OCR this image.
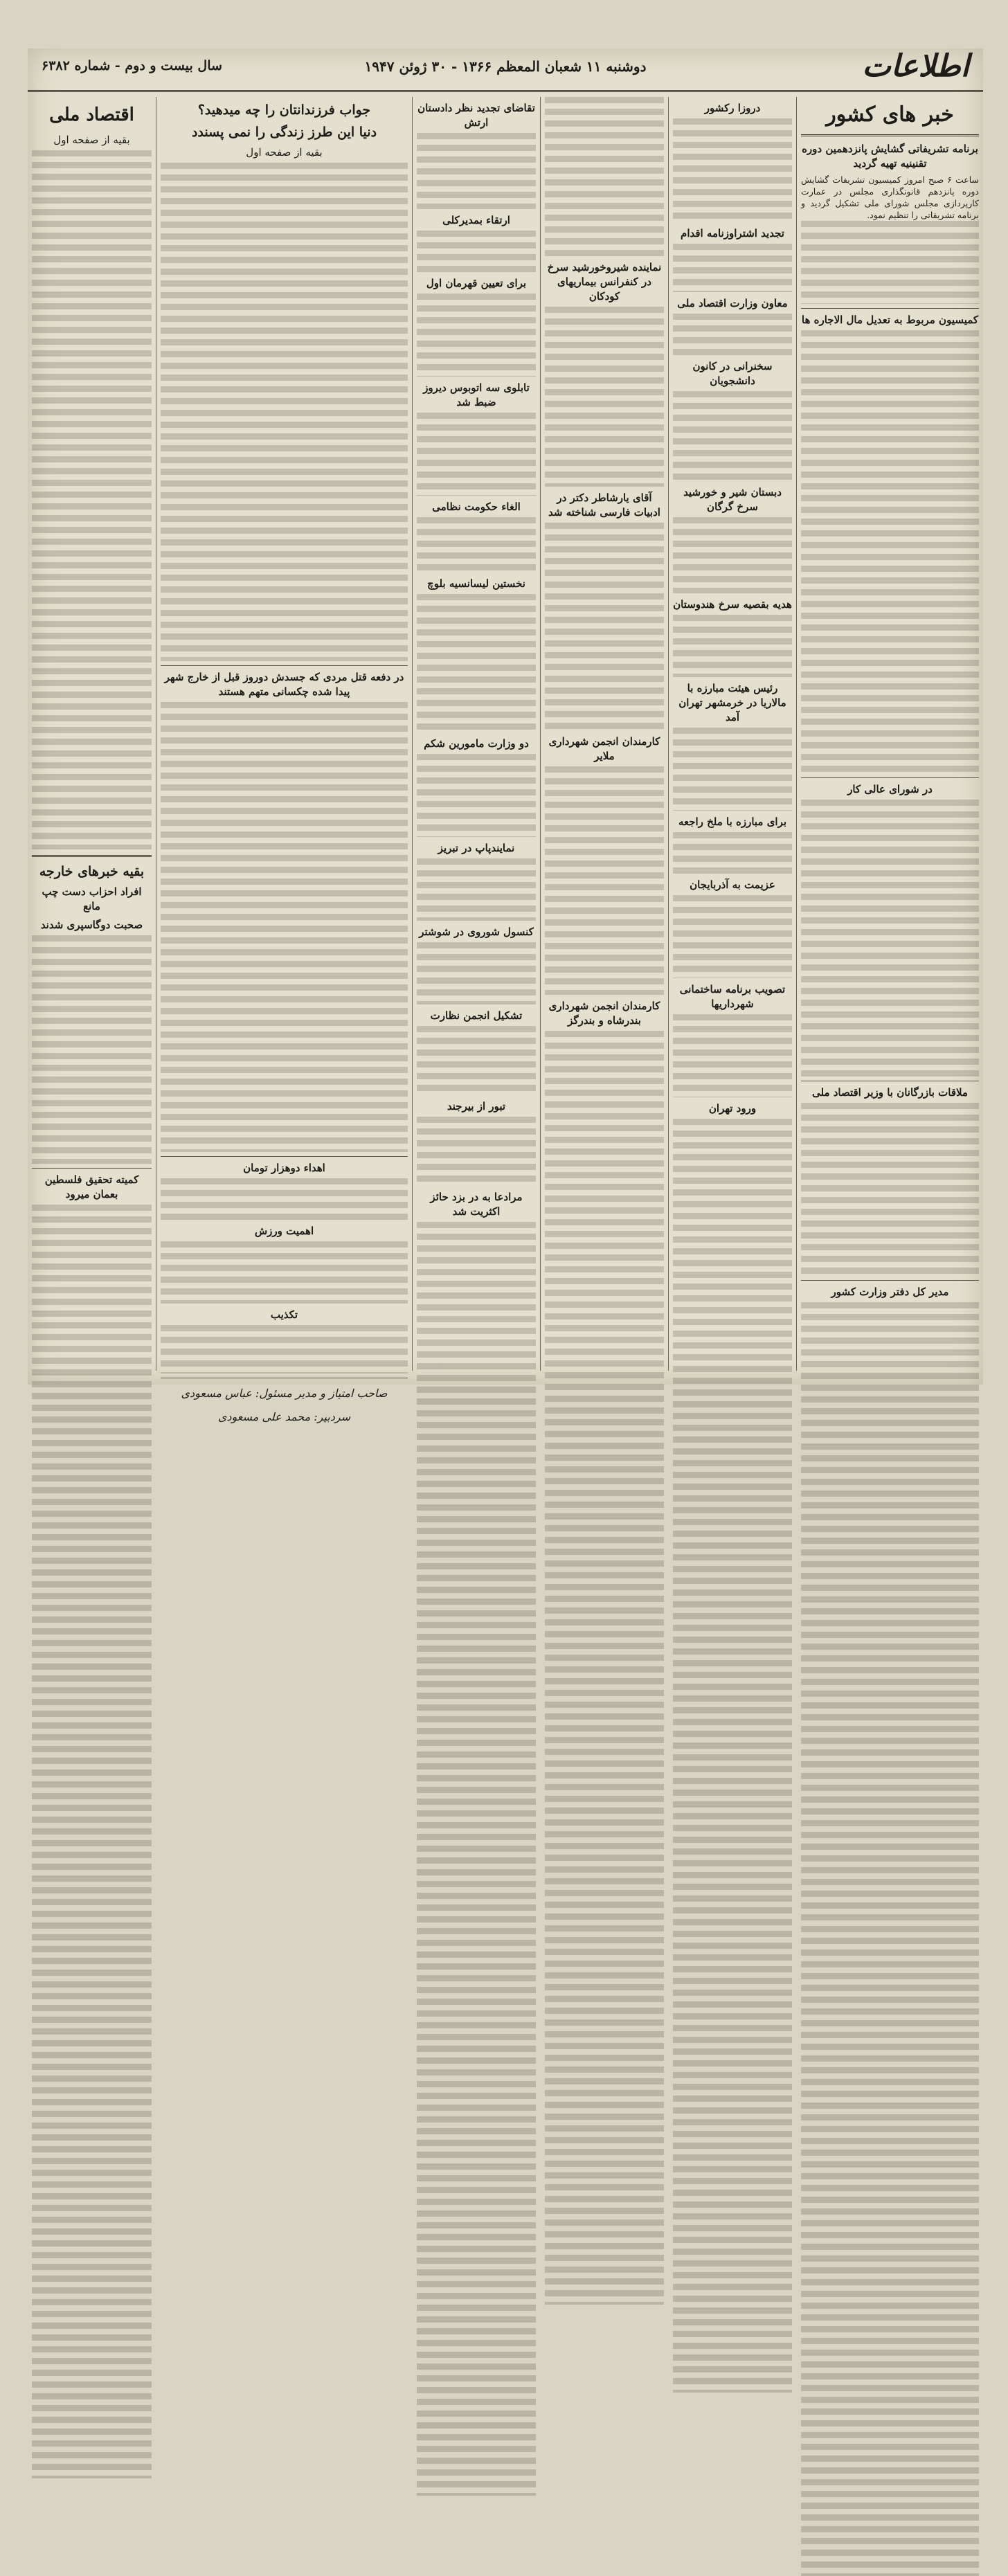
اطلاعات
دوشنبه ۱۱ شعبان المعظم ۱۳۶۶ - ۳۰ ژوئن ۱۹۴۷
سال بیست و دوم - شماره ۶۳۸۲
خبر های کشور
برنامه تشریفاتی گشایش پانزدهمین دوره تقنینیه تهیه گردید
ساعت ۶ صبح امروز کمیسیون تشریفات گشایش دوره پانزدهم قانونگذاری مجلس در عمارت کارپردازی مجلس شورای ملی تشکیل گردید و برنامه تشریفاتی را تنظیم نمود.
کمیسیون مربوط به تعدیل مال الاجاره ها
در شورای عالی کار
ملاقات بازرگانان با وزیر اقتصاد ملی
مدیر کل دفتر وزارت کشور
دروزا رکشور
تجدید اشتراوزنامه اقدام
معاون وزارت اقتصاد ملی
سخنرانی در کانون دانشجویان
دبستان شیر و خورشید سرخ گرگان
هدیه بقصیه سرخ هندوستان
رئیس هیئت مبارزه با مالاریا در خرمشهر تهران آمد
برای مبارزه با ملخ راجعه
عزیمت به آذربایجان
تصویب برنامه ساختمانی شهرداریها
ورود تهران
نماینده شیروخورشید سرخ در کنفرانس بیماریهای کودکان
آقای یارشاطر دکتر در ادبیات فارسی شناخته شد
کارمندان انجمن شهرداری ملایر
کارمندان انجمن شهرداری بندرشاه و بندرگز
تقاضای تجدید نظر دادستان ارتش
ارتقاء بمدیرکلی
برای تعیین قهرمان اول
تابلوی سه اتوبوس دیروز ضبط شد
الغاء حکومت نظامی
نخستین لیسانسیه بلوچ
دو وزارت مامورین شکم
نمایندپاپ در تبریز
کنسول شوروی در شوشتر
تشکیل انجمن نظارت
تبور از بیرجند
مرادعا به در بزد حائز اکثریت شد
جواب فرزندانتان را چه میدهید؟
دنیا این طرز زندگی را نمی پسندد
بقیه از صفحه اول
در دفعه قتل مردی که جسدش دوروز قبل از خارج شهر پیدا شده چکسانی متهم هستند
اهداء دوهزار تومان
اهمیت ورزش
تکذیب
صاحب امتیاز و مدیر مسئول: عباس مسعودی
سردبیر: محمد علی مسعودی
اقتصاد ملی
بقیه از صفحه اول
بقیه خبرهای خارجه
افراد احزاب دست چپ مانع
صحبت دوگاسپری شدند
کمیته تحقیق فلسطین بعمان میرود
